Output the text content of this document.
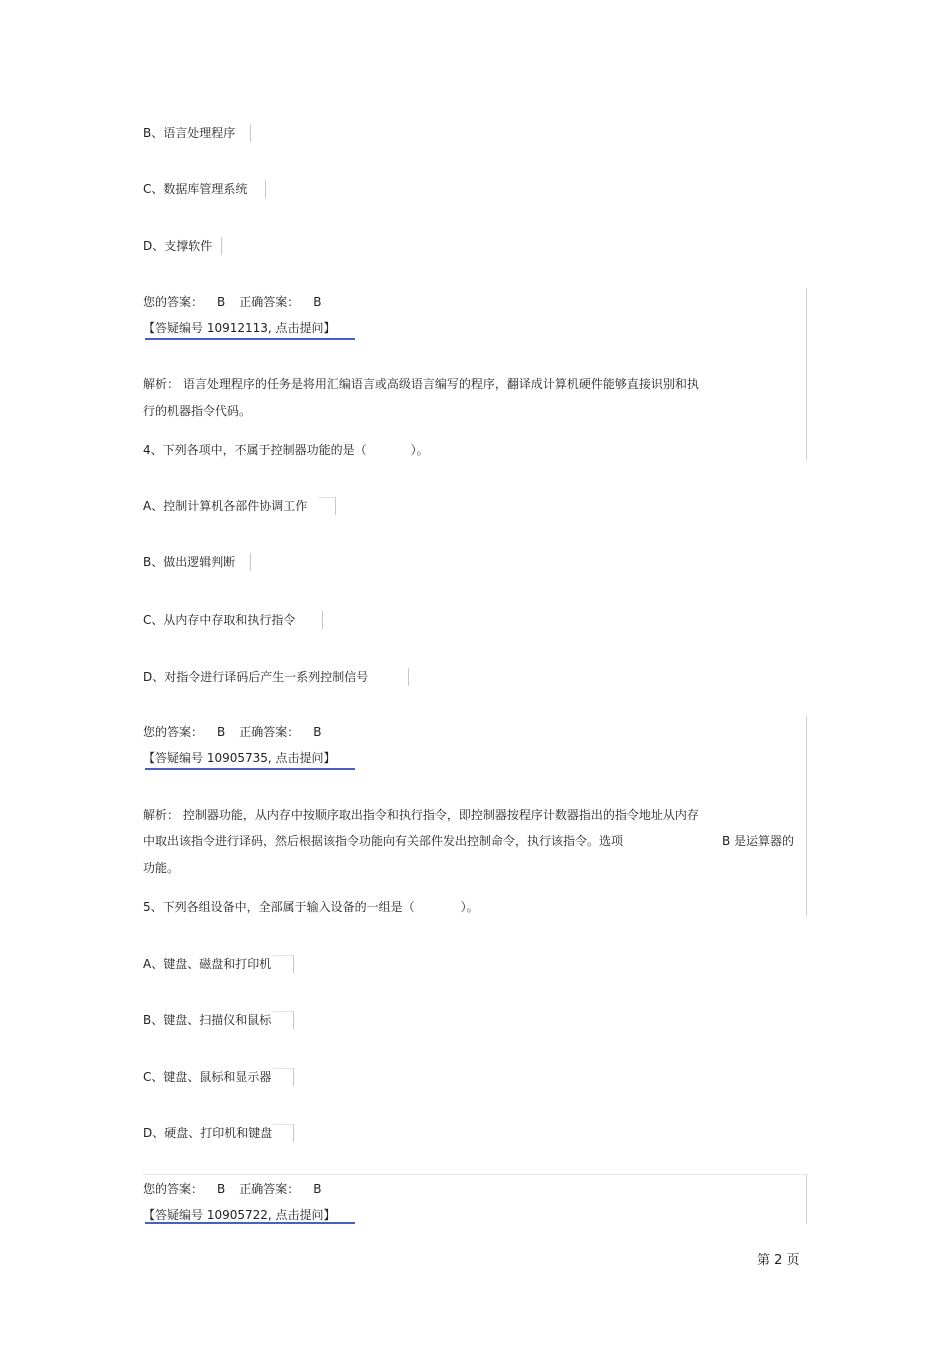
B、语言处理程序
C、数据库管理系统
D、支撑软件
您的答案： B 正确答案： B
【答疑编号 10912113, 点击提问】
解析： 语言处理程序的任务是将用汇编语言或高级语言编写的程序，翻译成计算机硬件能够直接识别和执
行的机器指令代码。
4、下列各项中，不属于控制器功能的是（	）。
A、控制计算机各部件协调工作
B、做出逻辑判断
C、从内存中存取和执行指令
D、对指令进行译码后产生一系列控制信号
您的答案： B 正确答案： B
【答疑编号 10905735, 点击提问】
解析： 控制器功能，从内存中按顺序取出指令和执行指令，即控制器按程序计数器指出的指令地址从内存
中取出该指令进行译码，然后根据该指令功能向有关部件发出控制命令，执行该指令。选项	B 是运算器的
功能。
5、下列各组设备中，全部属于输入设备的一组是（	）。
A、键盘、磁盘和打印机
B、键盘、扫描仪和鼠标
C、键盘、鼠标和显示器
D、硬盘、打印机和键盘
您的答案： B 正确答案： B
【答疑编号 10905722, 点击提问】
第 2 页
